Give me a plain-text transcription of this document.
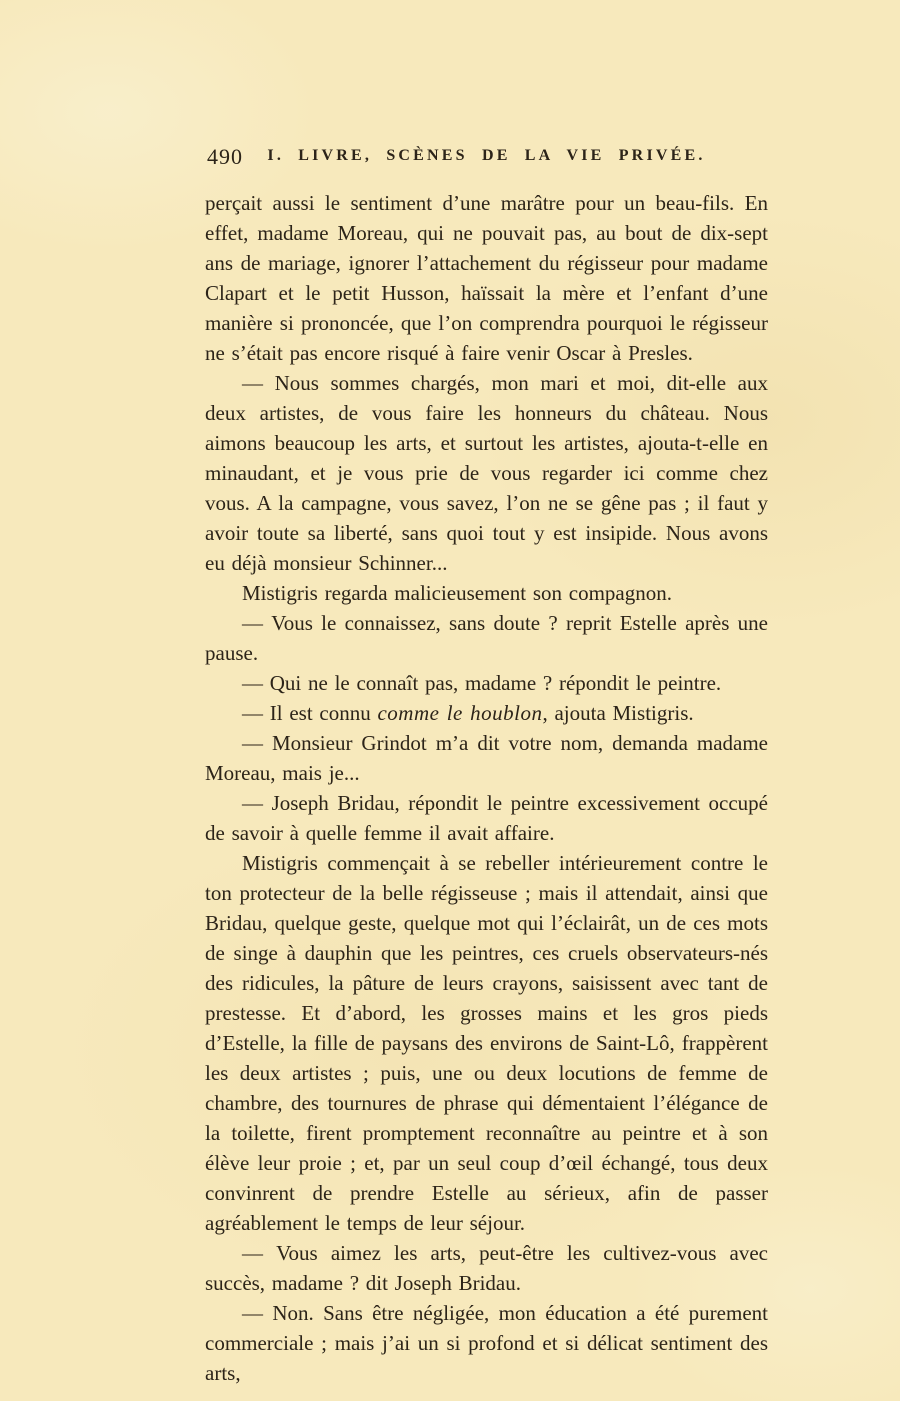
490 I. LIVRE, SCÈNES DE LA VIE PRIVÉE.

perçait aussi le sentiment d’une marâtre pour un beau-fils. En effet, madame Moreau, qui ne pouvait pas, au bout de dix-sept ans de mariage, ignorer l’attachement du régisseur pour madame Clapart et le petit Husson, haïssait la mère et l’enfant d’une manière si prononcée, que l’on comprendra pourquoi le régisseur ne s’était pas encore risqué à faire venir Oscar à Presles.

— Nous sommes chargés, mon mari et moi, dit-elle aux deux artistes, de vous faire les honneurs du château. Nous aimons beaucoup les arts, et surtout les artistes, ajouta-t-elle en minaudant, et je vous prie de vous regarder ici comme chez vous. A la campagne, vous savez, l’on ne se gêne pas ; il faut y avoir toute sa liberté, sans quoi tout y est insipide. Nous avons eu déjà monsieur Schinner...

Mistigris regarda malicieusement son compagnon.

— Vous le connaissez, sans doute ? reprit Estelle après une pause.

— Qui ne le connaît pas, madame ? répondit le peintre.

— Il est connu comme le houblon, ajouta Mistigris.

— Monsieur Grindot m’a dit votre nom, demanda madame Moreau, mais je...

— Joseph Bridau, répondit le peintre excessivement occupé de savoir à quelle femme il avait affaire.

Mistigris commençait à se rebeller intérieurement contre le ton protecteur de la belle régisseuse ; mais il attendait, ainsi que Bridau, quelque geste, quelque mot qui l’éclairât, un de ces mots de singe à dauphin que les peintres, ces cruels observateurs-nés des ridicules, la pâture de leurs crayons, saisissent avec tant de prestesse. Et d’abord, les grosses mains et les gros pieds d’Estelle, la fille de paysans des environs de Saint-Lô, frappèrent les deux artistes ; puis, une ou deux locutions de femme de chambre, des tournures de phrase qui démentaient l’élégance de la toilette, firent promptement reconnaître au peintre et à son élève leur proie ; et, par un seul coup d’œil échangé, tous deux convinrent de prendre Estelle au sérieux, afin de passer agréablement le temps de leur séjour.

— Vous aimez les arts, peut-être les cultivez-vous avec succès, madame ? dit Joseph Bridau.

— Non. Sans être négligée, mon éducation a été purement commerciale ; mais j’ai un si profond et si délicat sentiment des arts,
